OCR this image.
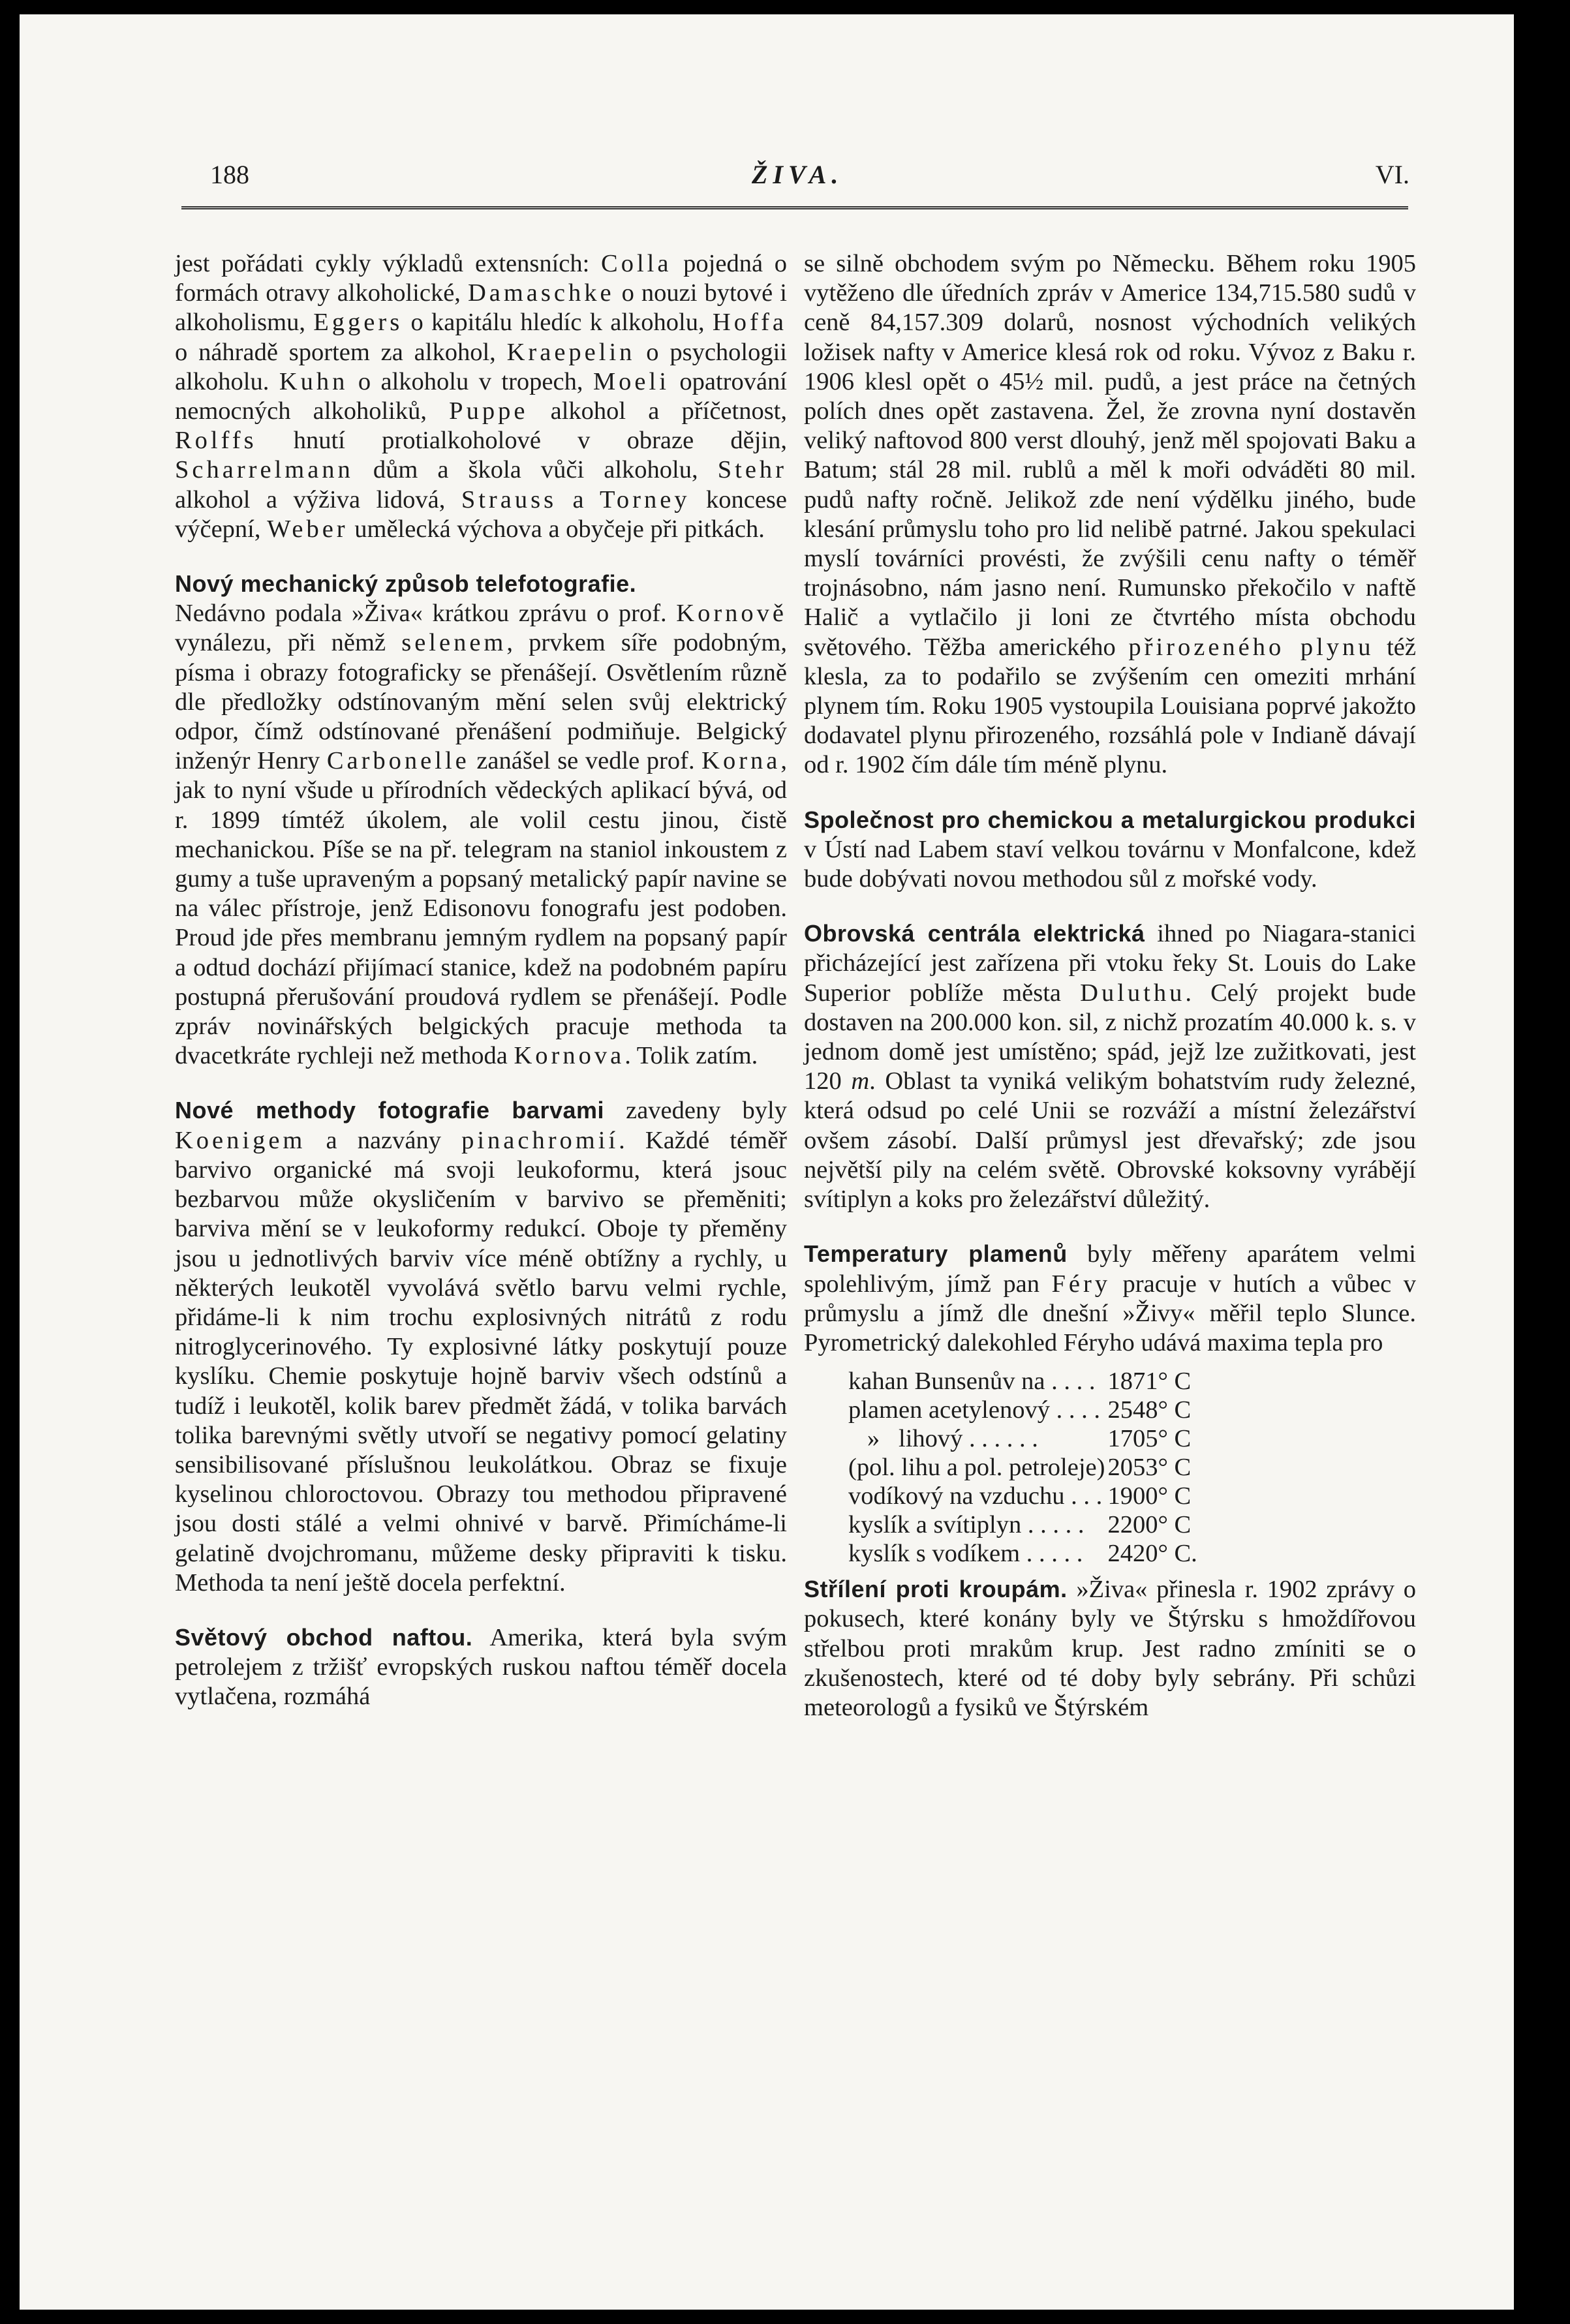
188	ŽIVA.	VI.

jest pořádati cykly výkladů extensních: Colla pojedná o formách otravy alkoholické, Damaschke o nouzi bytové i alkoholismu, Eggers o kapitálu hledíc k alkoholu, Hoffa o náhradě sportem za alkohol, Kraepelin o psychologii alkoholu. Kuhn o alkoholu v tropech, Moeli opatrování nemocných alkoholiků, Puppe alkohol a příčetnost, Rolffs hnutí protialkoholové v obraze dějin, Scharrelmann dům a škola vůči alkoholu, Stehr alkohol a výživa lidová, Strauss a Torney koncese výčepní, Weber umělecká výchova a obyčeje při pitkách.

Nový mechanický způsob telefotografie.
Nedávno podala »Živa« krátkou zprávu o prof. Kornově vynálezu, při němž selenem, prvkem síře podobným, písma i obrazy fotograficky se přenášejí. Osvětlením různě dle předložky odstínovaným mění selen svůj elektrický odpor, čímž odstínované přenášení podmiňuje. Belgický inženýr Henry Carbonelle zanášel se vedle prof. Korna, jak to nyní všude u přírodních vědeckých aplikací bývá, od r. 1899 tímtéž úkolem, ale volil cestu jinou, čistě mechanickou. Píše se na př. telegram na staniol inkoustem z gumy a tuše upraveným a popsaný metalický papír navine se na válec přístroje, jenž Edisonovu fonografu jest podoben. Proud jde přes membranu jemným rydlem na popsaný papír a odtud dochází přijímací stanice, kdež na podobném papíru postupná přerušování proudová rydlem se přenášejí. Podle zpráv novinářských belgických pracuje methoda ta dvacetkráte rychleji než methoda Kornova. Tolik zatím.

Nové methody fotografie barvami zavedeny byly Koenigem a nazvány pinachromií. Každé téměř barvivo organické má svoji leukoformu, která jsouc bezbarvou může okysličením v barvivo se přeměniti; barviva mění se v leukoformy redukcí. Oboje ty přeměny jsou u jednotlivých barviv více méně obtížny a rychly, u některých leukotěl vyvolává světlo barvu velmi rychle, přidáme-li k nim trochu explosivných nitrátů z rodu nitroglycerinového. Ty explosivné látky poskytují pouze kyslíku. Chemie poskytuje hojně barviv všech odstínů a tudíž i leukotěl, kolik barev předmět žádá, v tolika barvách tolika barevnými světly utvoří se negativy pomocí gelatiny sensibilisované příslušnou leukolátkou. Obraz se fixuje kyselinou chloroctovou. Obrazy tou methodou připravené jsou dosti stálé a velmi ohnivé v barvě. Přimícháme-li gelatině dvojchromanu, můžeme desky připraviti k tisku. Methoda ta není ještě docela perfektní.

Světový obchod naftou. Amerika, která byla svým petrolejem z tržišť evropských ruskou naftou téměř docela vytlačena, rozmáhá

se silně obchodem svým po Německu. Během roku 1905 vytěženo dle úředních zpráv v Americe 134,715.580 sudů v ceně 84,157.309 dolarů, nosnost východních velikých ložisek nafty v Americe klesá rok od roku. Vývoz z Baku r. 1906 klesl opět o 45½ mil. pudů, a jest práce na četných polích dnes opět zastavena. Žel, že zrovna nyní dostavěn veliký naftovod 800 verst dlouhý, jenž měl spojovati Baku a Batum; stál 28 mil. rublů a měl k moři odváděti 80 mil. pudů nafty ročně. Jelikož zde není výdělku jiného, bude klesání průmyslu toho pro lid nelibě patrné. Jakou spekulaci myslí továrníci provésti, že zvýšili cenu nafty o téměř trojnásobno, nám jasno není. Rumunsko překočilo v naftě Halič a vytlačilo ji loni ze čtvrtého místa obchodu světového. Těžba amerického přirozeného plynu též klesla, za to podařilo se zvýšením cen omeziti mrhání plynem tím. Roku 1905 vystoupila Louisiana poprvé jakožto dodavatel plynu přirozeného, rozsáhlá pole v Indianě dávají od r. 1902 čím dále tím méně plynu.

Společnost pro chemickou a metalurgickou produkci v Ústí nad Labem staví velkou továrnu v Monfalcone, kdež bude dobývati novou methodou sůl z mořské vody.

Obrovská centrála elektrická ihned po Niagara-stanici přicházející jest zařízena při vtoku řeky St. Louis do Lake Superior poblíže města Duluthu. Celý projekt bude dostaven na 200.000 kon. sil, z nichž prozatím 40.000 k. s. v jednom domě jest umístěno; spád, jejž lze zužitkovati, jest 120 m. Oblast ta vyniká velikým bohatstvím rudy železné, která odsud po celé Unii se rozváží a místní železářství ovšem zásobí. Další průmysl jest dřevařský; zde jsou největší pily na celém světě. Obrovské koksovny vyrábějí svítiplyn a koks pro železářství důležitý.

Temperatury plamenů byly měřeny aparátem velmi spolehlivým, jímž pan Féry pracuje v hutích a vůbec v průmyslu a jímž dle dnešní »Živy« měřil teplo Slunce. Pyrometrický dalekohled Féryho udává maxima tepla pro

kahan Bunsenův na . . . .	1871° C
plamen acetylenový . . . .	2548° C
»   lihový . . . . . .	1705° C
(pol. lihu a pol. petroleje)	2053° C
vodíkový na vzduchu . . .	1900° C
kyslík a svítiplyn . . . . .	2200° C
kyslík s vodíkem . . . . .	2420° C.

Střílení proti kroupám. »Živa« přinesla r. 1902 zprávy o pokusech, které konány byly ve Štýrsku s hmoždířovou střelbou proti mrakům krup. Jest radno zmíniti se o zkušenostech, které od té doby byly sebrány. Při schůzi meteorologů a fysiků ve Štýrském
